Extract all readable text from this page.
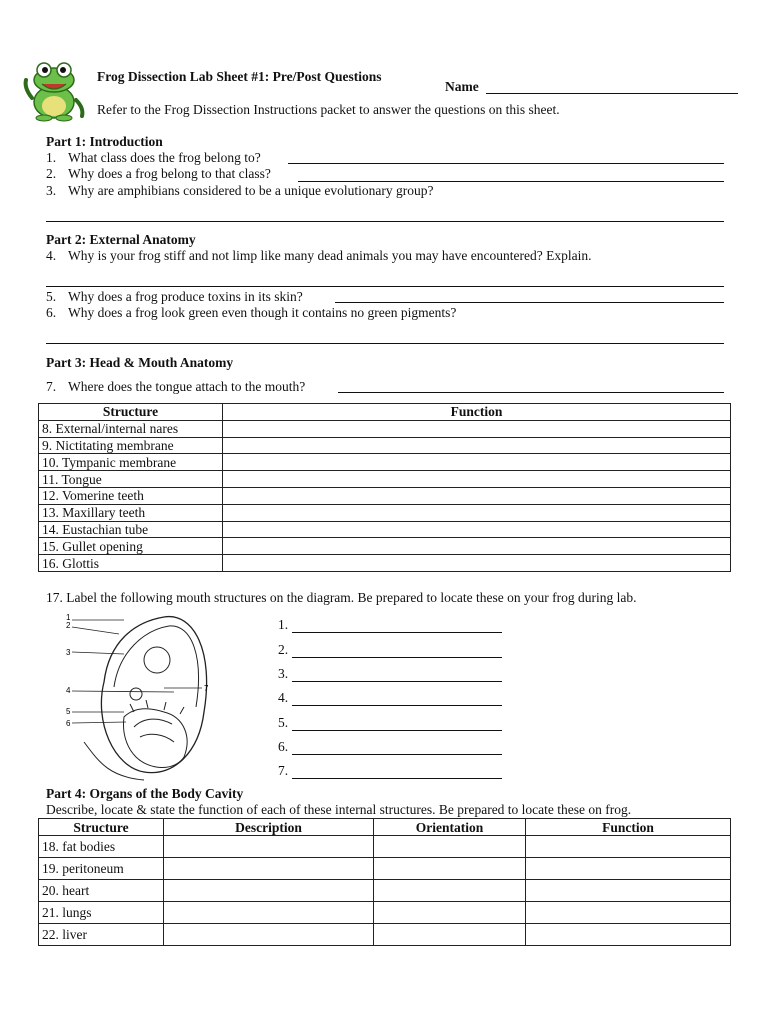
Frog Dissection Lab Sheet #1: Pre/Post Questions
Name
Refer to the Frog Dissection Instructions packet to answer the questions on this sheet.
Part 1: Introduction
1. What class does the frog belong to?
2. Why does a frog belong to that class?
3. Why are amphibians considered to be a unique evolutionary group?
Part 2: External Anatomy
4. Why is your frog stiff and not limp like many dead animals you may have encountered? Explain.
5. Why does a frog produce toxins in its skin?
6. Why does a frog look green even though it contains no green pigments?
Part 3: Head & Mouth Anatomy
7. Where does the tongue attach to the mouth?
Structure	Function
8. External/internal nares	
9. Nictitating membrane	
10. Tympanic membrane	
11. Tongue	
12. Vomerine teeth	
13. Maxillary teeth	
14. Eustachian tube	
15. Gullet opening	
16. Glottis	
17. Label the following mouth structures on the diagram. Be prepared to locate these on your frog during lab.
1
2
3
4
5
6
7
1.
2.
3.
4.
5.
6.
7.
Part 4: Organs of the Body Cavity
Describe, locate & state the function of each of these internal structures. Be prepared to locate these on frog.
Structure	Description	Orientation	Function
18. fat bodies			
19. peritoneum			
20. heart			
21. lungs			
22. liver			
